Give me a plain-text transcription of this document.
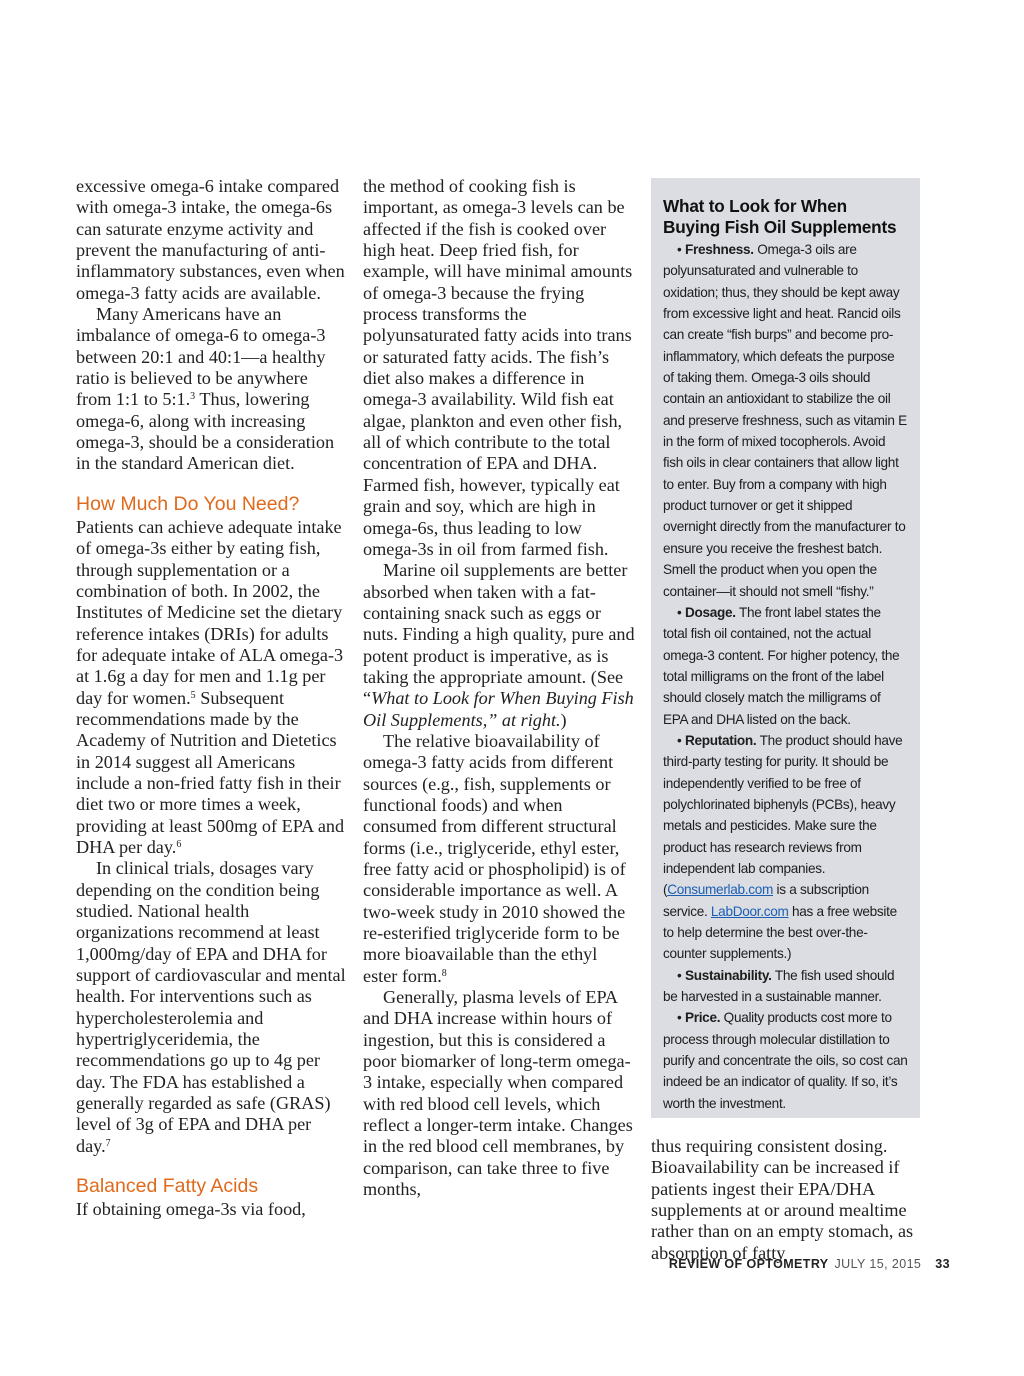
excessive omega-6 intake compared with omega-3 intake, the omega-6s can saturate enzyme activity and prevent the manufacturing of anti-inflammatory substances, even when omega-3 fatty acids are available.

Many Americans have an imbalance of omega-6 to omega-3 between 20:1 and 40:1—a healthy ratio is believed to be anywhere from 1:1 to 5:1.$^3$ Thus, lowering omega-6, along with increasing omega-3, should be a consideration in the standard American diet.

How Much Do You Need?

Patients can achieve adequate intake of omega-3s either by eating fish, through supplementation or a combination of both. In 2002, the Institutes of Medicine set the dietary reference intakes (DRIs) for adults for adequate intake of ALA omega-3 at 1.6g a day for men and 1.1g per day for women.$^5$ Subsequent recommendations made by the Academy of Nutrition and Dietetics in 2014 suggest all Americans include a non-fried fatty fish in their diet two or more times a week, providing at least 500mg of EPA and DHA per day.$^6$

In clinical trials, dosages vary depending on the condition being studied. National health organizations recommend at least 1,000mg/day of EPA and DHA for support of cardiovascular and mental health. For interventions such as hypercholesterolemia and hypertriglyceridemia, the recommendations go up to 4g per day. The FDA has established a generally regarded as safe (GRAS) level of 3g of EPA and DHA per day.$^7$

Balanced Fatty Acids

If obtaining omega-3s via food,

the method of cooking fish is important, as omega-3 levels can be affected if the fish is cooked over high heat. Deep fried fish, for example, will have minimal amounts of omega-3 because the frying process transforms the polyunsaturated fatty acids into trans or saturated fatty acids. The fish’s diet also makes a difference in omega-3 availability. Wild fish eat algae, plankton and even other fish, all of which contribute to the total concentration of EPA and DHA. Farmed fish, however, typically eat grain and soy, which are high in omega-6s, thus leading to low omega-3s in oil from farmed fish.

Marine oil supplements are better absorbed when taken with a fat-containing snack such as eggs or nuts. Finding a high quality, pure and potent product is imperative, as is taking the appropriate amount. (See “What to Look for When Buying Fish Oil Supplements,” at right.)

The relative bioavailability of omega-3 fatty acids from different sources (e.g., fish, supplements or functional foods) and when consumed from different structural forms (i.e., triglyceride, ethyl ester, free fatty acid or phospholipid) is of considerable importance as well. A two-week study in 2010 showed the re-esterified triglyceride form to be more bioavailable than the ethyl ester form.$^8$

Generally, plasma levels of EPA and DHA increase within hours of ingestion, but this is considered a poor biomarker of long-term omega-3 intake, especially when compared with red blood cell levels, which reflect a longer-term intake. Changes in the red blood cell membranes, by comparison, can take three to five months,

What to Look for When Buying Fish Oil Supplements

• Freshness. Omega-3 oils are polyunsaturated and vulnerable to oxidation; thus, they should be kept away from excessive light and heat. Rancid oils can create “fish burps” and become pro-inflammatory, which defeats the purpose of taking them. Omega-3 oils should contain an antioxidant to stabilize the oil and preserve freshness, such as vitamin E in the form of mixed tocopherols. Avoid fish oils in clear containers that allow light to enter. Buy from a company with high product turnover or get it shipped overnight directly from the manufacturer to ensure you receive the freshest batch. Smell the product when you open the container—it should not smell “fishy.”

• Dosage. The front label states the total fish oil contained, not the actual omega-3 content. For higher potency, the total milligrams on the front of the label should closely match the milligrams of EPA and DHA listed on the back.

• Reputation. The product should have third-party testing for purity. It should be independently verified to be free of polychlorinated biphenyls (PCBs), heavy metals and pesticides. Make sure the product has research reviews from independent lab companies. (Consumerlab.com is a subscription service. LabDoor.com has a free website to help determine the best over-the-counter supplements.)

• Sustainability. The fish used should be harvested in a sustainable manner.

• Price. Quality products cost more to process through molecular distillation to purify and concentrate the oils, so cost can indeed be an indicator of quality. If so, it’s worth the investment.

thus requiring consistent dosing. Bioavailability can be increased if patients ingest their EPA/DHA supplements at or around mealtime rather than on an empty stomach, as absorption of fatty

REVIEW OF OPTOMETRY JULY 15, 2015 33
